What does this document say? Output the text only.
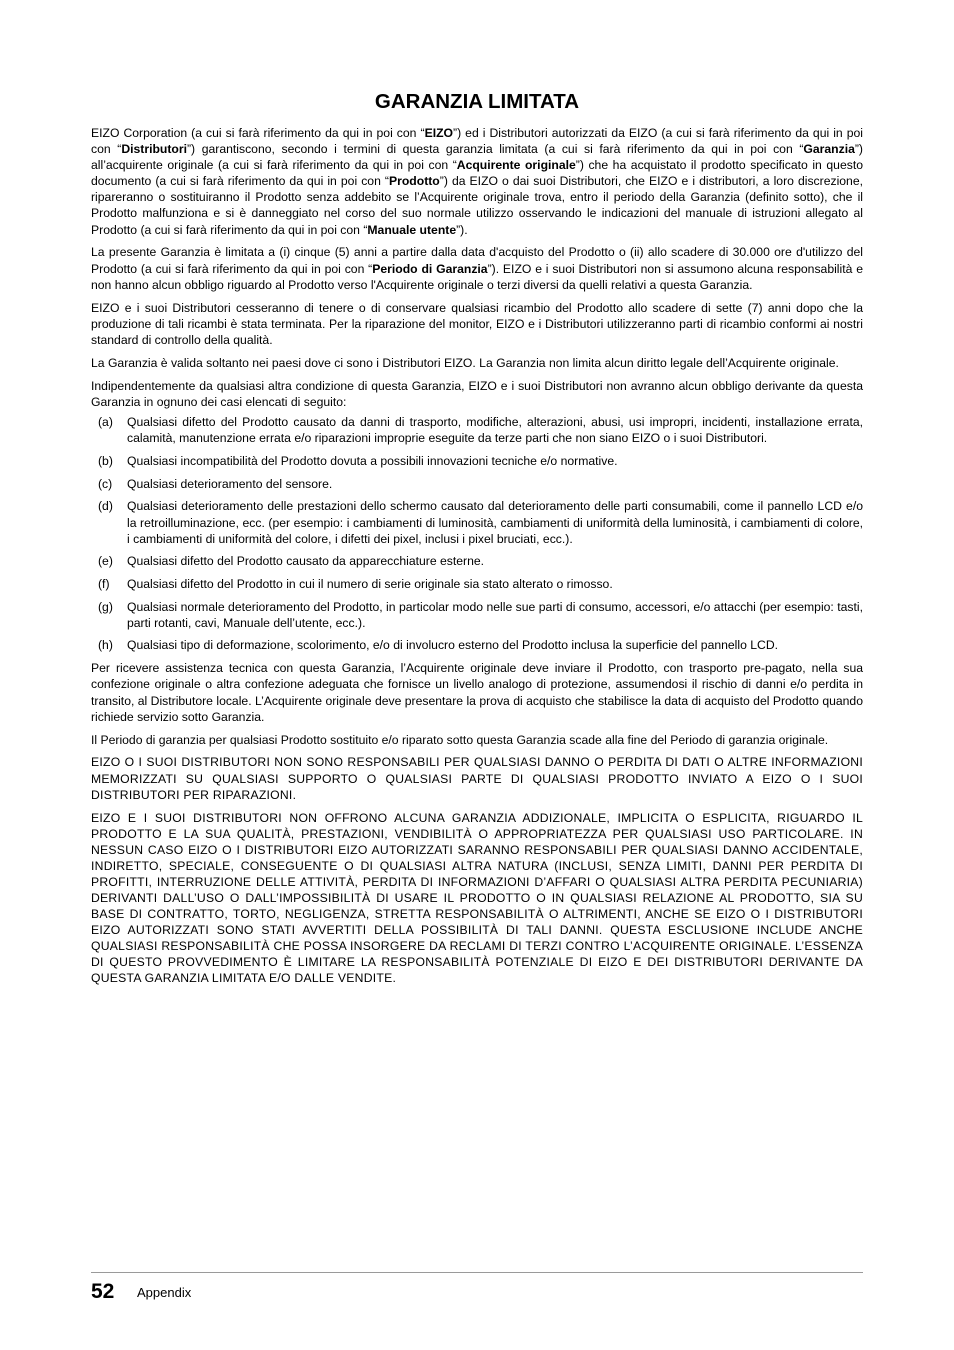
GARANZIA LIMITATA

EIZO Corporation (a cui si farà riferimento da qui in poi con “EIZO”) ed i Distributori autorizzati da EIZO (a cui si farà riferimento da qui in poi con “Distributori”) garantiscono, secondo i termini di questa garanzia limitata (a cui si farà riferimento da qui in poi con “Garanzia”) all’acquirente originale (a cui si farà riferimento da qui in poi con “Acquirente originale”) che ha acquistato il prodotto specificato in questo documento (a cui si farà riferimento da qui in poi con “Prodotto”) da EIZO o dai suoi Distributori, che EIZO e i distributori, a loro discrezione, ripareranno o sostituiranno il Prodotto senza addebito se l’Acquirente originale trova, entro il periodo della Garanzia (definito sotto), che il Prodotto malfunziona e si è danneggiato nel corso del suo normale utilizzo osservando le indicazioni del manuale di istruzioni allegato al Prodotto (a cui si farà riferimento da qui in poi con “Manuale utente”).

La presente Garanzia è limitata a (i) cinque (5) anni a partire dalla data d'acquisto del Prodotto o (ii) allo scadere di 30.000 ore d'utilizzo del Prodotto (a cui si farà riferimento da qui in poi con “Periodo di Garanzia”). EIZO e i suoi Distributori non si assumono alcuna responsabilità e non hanno alcun obbligo riguardo al Prodotto verso l'Acquirente originale o terzi diversi da quelli relativi a questa Garanzia.

EIZO e i suoi Distributori cesseranno di tenere o di conservare qualsiasi ricambio del Prodotto allo scadere di sette (7) anni dopo che la produzione di tali ricambi è stata terminata. Per la riparazione del monitor, EIZO e i Distributori utilizzeranno parti di ricambio conformi ai nostri standard di controllo della qualità.

La Garanzia è valida soltanto nei paesi dove ci sono i Distributori EIZO. La Garanzia non limita alcun diritto legale dell’Acquirente originale.

Indipendentemente da qualsiasi altra condizione di questa Garanzia, EIZO e i suoi Distributori non avranno alcun obbligo derivante da questa Garanzia in ognuno dei casi elencati di seguito:

(a) Qualsiasi difetto del Prodotto causato da danni di trasporto, modifiche, alterazioni, abusi, usi impropri, incidenti, installazione errata, calamità, manutenzione errata e/o riparazioni improprie eseguite da terze parti che non siano EIZO o i suoi Distributori.
(b) Qualsiasi incompatibilità del Prodotto dovuta a possibili innovazioni tecniche e/o normative.
(c) Qualsiasi deterioramento del sensore.
(d) Qualsiasi deterioramento delle prestazioni dello schermo causato dal deterioramento delle parti consumabili, come il pannello LCD e/o la retroilluminazione, ecc. (per esempio: i cambiamenti di luminosità, cambiamenti di uniformità della luminosità, i cambiamenti di colore, i cambiamenti di uniformità del colore, i difetti dei pixel, inclusi i pixel bruciati, ecc.).
(e) Qualsiasi difetto del Prodotto causato da apparecchiature esterne.
(f) Qualsiasi difetto del Prodotto in cui il numero di serie originale sia stato alterato o rimosso.
(g) Qualsiasi normale deterioramento del Prodotto, in particolar modo nelle sue parti di consumo, accessori, e/o attacchi (per esempio: tasti, parti rotanti, cavi, Manuale dell’utente, ecc.).
(h) Qualsiasi tipo di deformazione, scolorimento, e/o di involucro esterno del Prodotto inclusa la superficie del pannello LCD.

Per ricevere assistenza tecnica con questa Garanzia, l’Acquirente originale deve inviare il Prodotto, con trasporto pre-pagato, nella sua confezione originale o altra confezione adeguata che fornisce un livello analogo di protezione, assumendosi il rischio di danni e/o perdita in transito, al Distributore locale. L’Acquirente originale deve presentare la prova di acquisto che stabilisce la data di acquisto del Prodotto quando richiede servizio sotto Garanzia.

Il Periodo di garanzia per qualsiasi Prodotto sostituito e/o riparato sotto questa Garanzia scade alla fine del Periodo di garanzia originale.

EIZO O I SUOI DISTRIBUTORI NON SONO RESPONSABILI PER QUALSIASI DANNO O PERDITA DI DATI O ALTRE INFORMAZIONI MEMORIZZATI SU QUALSIASI SUPPORTO O QUALSIASI PARTE DI QUALSIASI PRODOTTO INVIATO A EIZO O I SUOI DISTRIBUTORI PER RIPARAZIONI.

EIZO E I SUOI DISTRIBUTORI NON OFFRONO ALCUNA GARANZIA ADDIZIONALE, IMPLICITA O ESPLICITA, RIGUARDO IL PRODOTTO E LA SUA QUALITÀ, PRESTAZIONI, VENDIBILITÀ O APPROPRIATEZZA PER QUALSIASI USO PARTICOLARE. IN NESSUN CASO EIZO O I DISTRIBUTORI EIZO AUTORIZZATI SARANNO RESPONSABILI PER QUALSIASI DANNO ACCIDENTALE, INDIRETTO, SPECIALE, CONSEGUENTE O DI QUALSIASI ALTRA NATURA (INCLUSI, SENZA LIMITI, DANNI PER PERDITA DI PROFITTI, INTERRUZIONE DELLE ATTIVITÀ, PERDITA DI INFORMAZIONI D’AFFARI O QUALSIASI ALTRA PERDITA PECUNIARIA) DERIVANTI DALL’USO O DALL’IMPOSSIBILITÀ DI USARE IL PRODOTTO O IN QUALSIASI RELAZIONE AL PRODOTTO, SIA SU BASE DI CONTRATTO, TORTO, NEGLIGENZA, STRETTA RESPONSABILITÀ O ALTRIMENTI, ANCHE SE EIZO O I DISTRIBUTORI EIZO AUTORIZZATI SONO STATI AVVERTITI DELLA POSSIBILITÀ DI TALI DANNI. QUESTA ESCLUSIONE INCLUDE ANCHE QUALSIASI RESPONSABILITÀ CHE POSSA INSORGERE DA RECLAMI DI TERZI CONTRO L’ACQUIRENTE ORIGINALE. L’ESSENZA DI QUESTO PROVVEDIMENTO È LIMITARE LA RESPONSABILITÀ POTENZIALE DI EIZO E DEI DISTRIBUTORI DERIVANTE DA QUESTA GARANZIA LIMITATA E/O DALLE VENDITE.

52 Appendix
